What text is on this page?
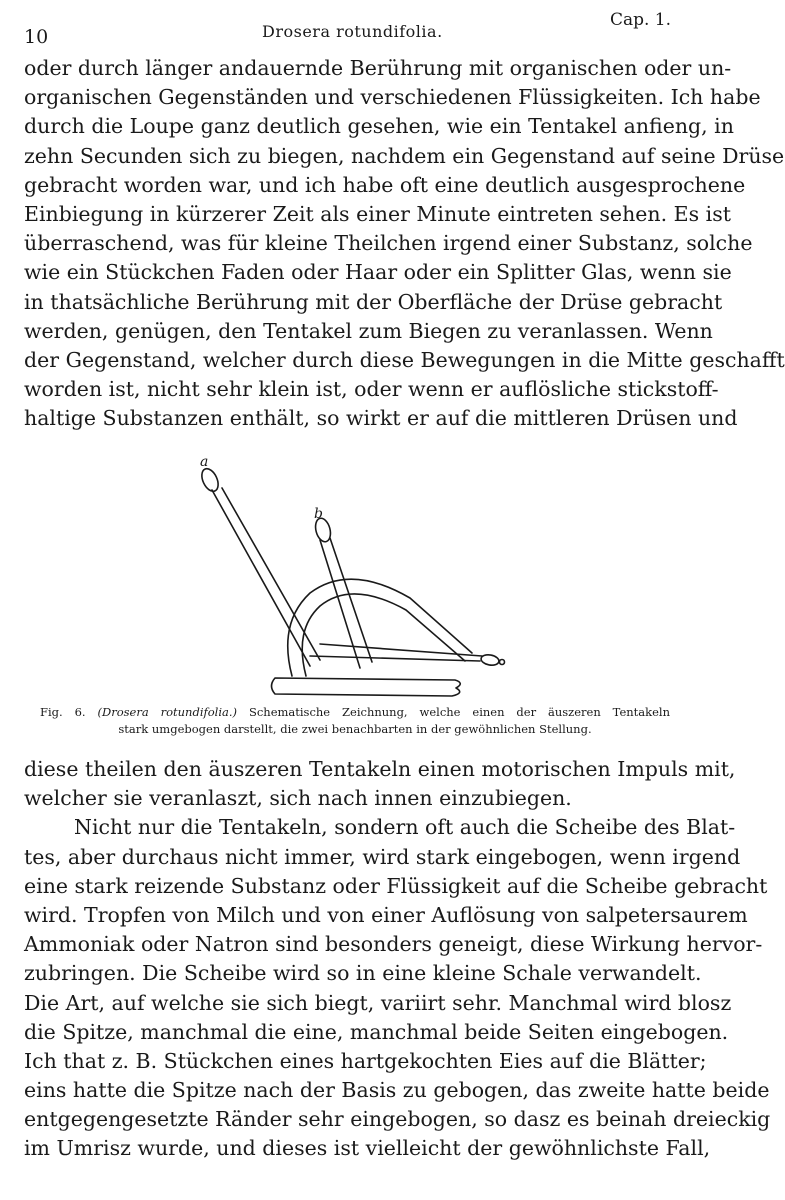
10	Drosera rotundifolia.
Cap. 1.
oder durch länger andauernde Berührung mit organischen oder un-
organischen Gegenständen und verschiedenen Flüssigkeiten. Ich habe
durch die Loupe ganz deutlich gesehen, wie ein Tentakel anfieng, in
zehn Secunden sich zu biegen, nachdem ein Gegenstand auf seine Drüse
gebracht worden war, und ich habe oft eine deutlich ausgesprochene
Einbiegung in kürzerer Zeit als einer Minute eintreten sehen. Es ist
überraschend, was für kleine Theilchen irgend einer Substanz, solche
wie ein Stückchen Faden oder Haar oder ein Splitter Glas, wenn sie
in thatsächliche Berührung mit der Oberfläche der Drüse gebracht
werden, genügen, den Tentakel zum Biegen zu veranlassen. Wenn
der Gegenstand, welcher durch diese Bewegungen in die Mitte geschafft
worden ist, nicht sehr klein ist, oder wenn er auflösliche stickstoff-
haltige Substanzen enthält, so wirkt er auf die mittleren Drüsen und
a
b
Fig. 6. (Drosera rotundifolia.) Schematische Zeichnung, welche einen der äuszeren Tentakeln
stark umgebogen darstellt, die zwei benachbarten in der gewöhnlichen Stellung.
diese theilen den äuszeren Tentakeln einen motorischen Impuls mit,
welcher sie veranlaszt, sich nach innen einzubiegen.
Nicht nur die Tentakeln, sondern oft auch die Scheibe des Blat-
tes, aber durchaus nicht immer, wird stark eingebogen, wenn irgend
eine stark reizende Substanz oder Flüssigkeit auf die Scheibe gebracht
wird. Tropfen von Milch und von einer Auflösung von salpetersaurem
Ammoniak oder Natron sind besonders geneigt, diese Wirkung hervor-
zubringen. Die Scheibe wird so in eine kleine Schale verwandelt.
Die Art, auf welche sie sich biegt, variirt sehr. Manchmal wird blosz
die Spitze, manchmal die eine, manchmal beide Seiten eingebogen.
Ich that z. B. Stückchen eines hartgekochten Eies auf die Blätter;
eins hatte die Spitze nach der Basis zu gebogen, das zweite hatte beide
entgegengesetzte Ränder sehr eingebogen, so dasz es beinah dreieckig
im Umrisz wurde, und dieses ist vielleicht der gewöhnlichste Fall,
